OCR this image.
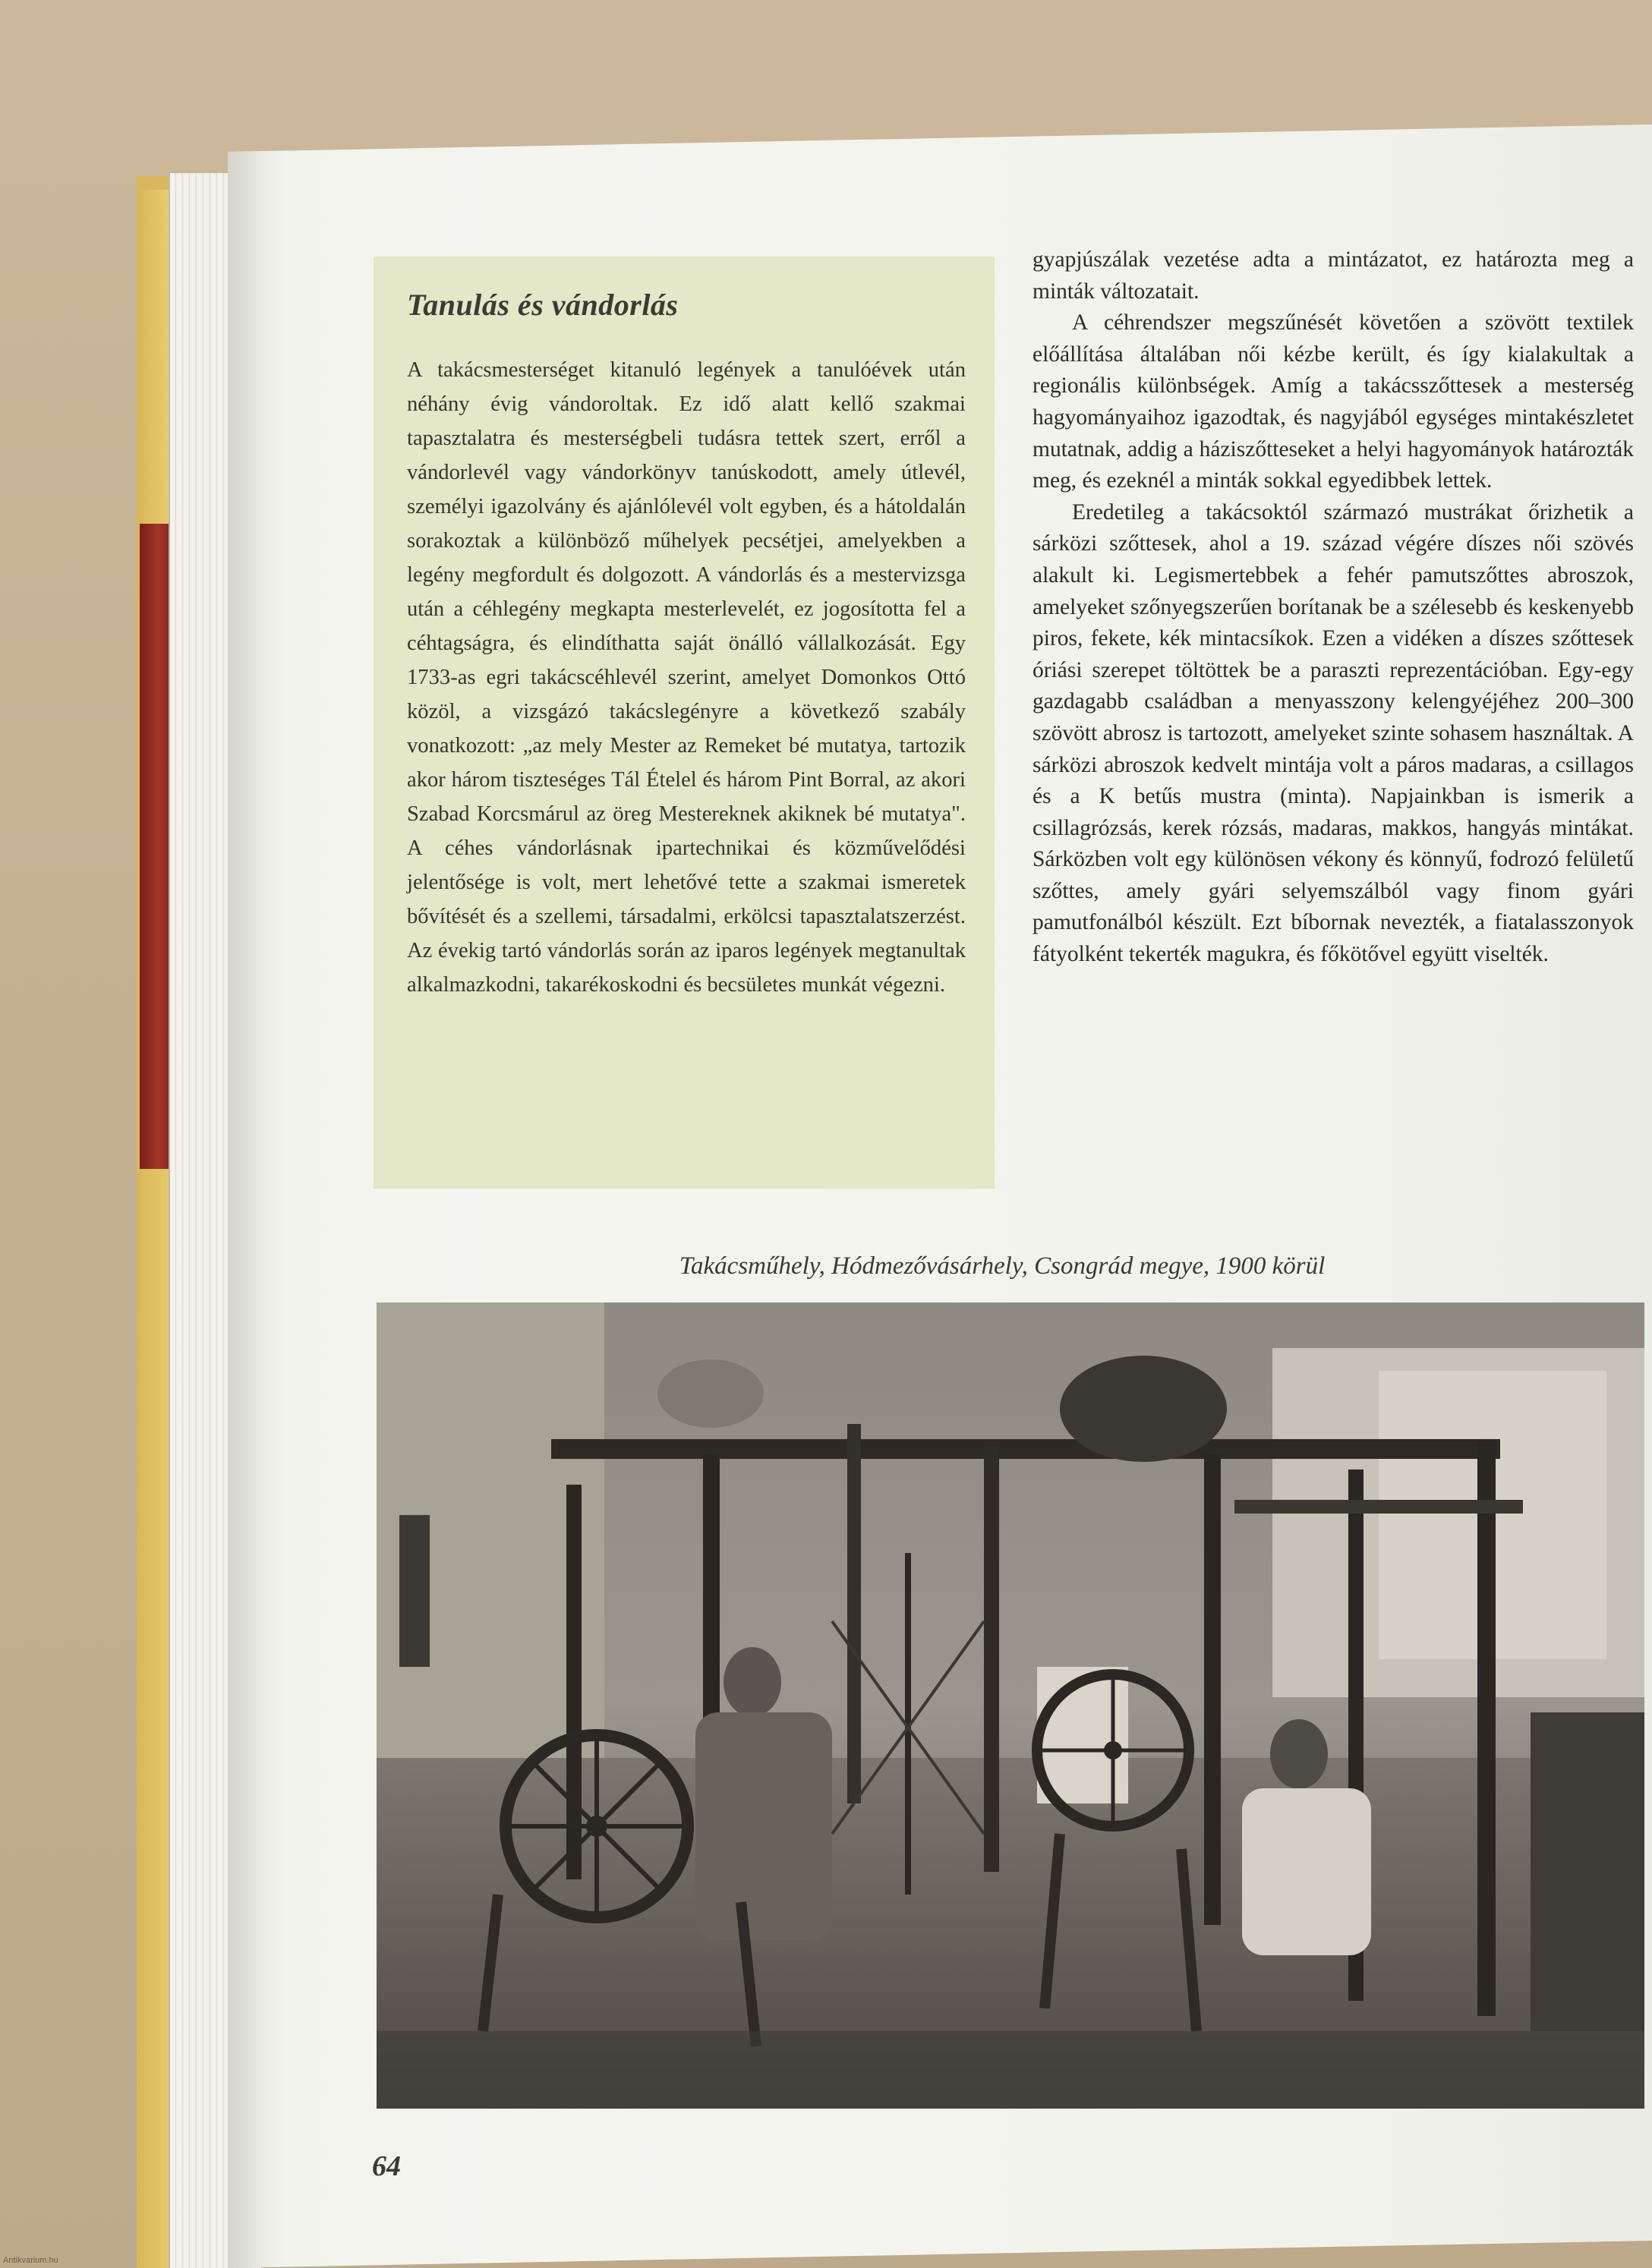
Tanulás és vándorlás

A takácsmesterséget kitanuló legények a tanulóévek után néhány évig vándoroltak. Ez idő alatt kellő szakmai tapasztalatra és mesterségbeli tudásra tettek szert, erről a vándorlevél vagy vándorkönyv tanúskodott, amely útlevél, személyi igazolvány és ajánlólevél volt egyben, és a hátoldalán sorakoztak a különböző műhelyek pecsétjei, amelyekben a legény megfordult és dolgozott. A vándorlás és a mestervizsga után a céhlegény megkapta mesterlevelét, ez jogosította fel a céhtagságra, és elindíthatta saját önálló vállalkozását. Egy 1733-as egri takácscéhlevél szerint, amelyet Domonkos Ottó közöl, a vizsgázó takácslegényre a következő szabály vonatkozott: „az mely Mester az Remeket bé mutatya, tartozik akor három tiszteséges Tál Ételel és három Pint Borral, az akori Szabad Korcsmárul az öreg Mestereknek akiknek bé mutatya". A céhes vándorlásnak ipartechnikai és közművelődési jelentősége is volt, mert lehetővé tette a szakmai ismeretek bővítését és a szellemi, társadalmi, erkölcsi tapasztalatszerzést. Az évekig tartó vándorlás során az iparos legények megtanultak alkalmazkodni, takarékoskodni és becsületes munkát végezni.

gyapjúszálak vezetése adta a mintázatot, ez határozta meg a minták változatait.

A céhrendszer megszűnését követően a szövött textilek előállítása általában női kézbe került, és így kialakultak a regionális különbségek. Amíg a takácsszőttesek a mesterség hagyományaihoz igazodtak, és nagyjából egységes mintakészletet mutatnak, addig a háziszőtteseket a helyi hagyományok határozták meg, és ezeknél a minták sokkal egyedibbek lettek.

Eredetileg a takácsoktól származó mustrákat őrizhetik a sárközi szőttesek, ahol a 19. század végére díszes női szövés alakult ki. Legismertebbek a fehér pamutszőttes abroszok, amelyeket szőnyegszerűen borítanak be a szélesebb és keskenyebb piros, fekete, kék mintacsíkok. Ezen a vidéken a díszes szőttesek óriási szerepet töltöttek be a paraszti reprezentációban. Egy-egy gazdagabb családban a menyasszony kelengyéjéhez 200–300 szövött abrosz is tartozott, amelyeket szinte sohasem használtak. A sárközi abroszok kedvelt mintája volt a páros madaras, a csillagos és a K betűs mustra (minta). Napjainkban is ismerik a csillagrózsás, kerek rózsás, madaras, makkos, hangyás mintákat. Sárközben volt egy különösen vékony és könnyű, fodrozó felületű szőttes, amely gyári selyemszálból vagy finom gyári pamutfonálból készült. Ezt bíbornak nevezték, a fiatalasszonyok fátyolként tekerték magukra, és főkötővel együtt viselték.

Takácsműhely, Hódmezővásárhely, Csongrád megye, 1900 körül
64
Antikvarium.hu
